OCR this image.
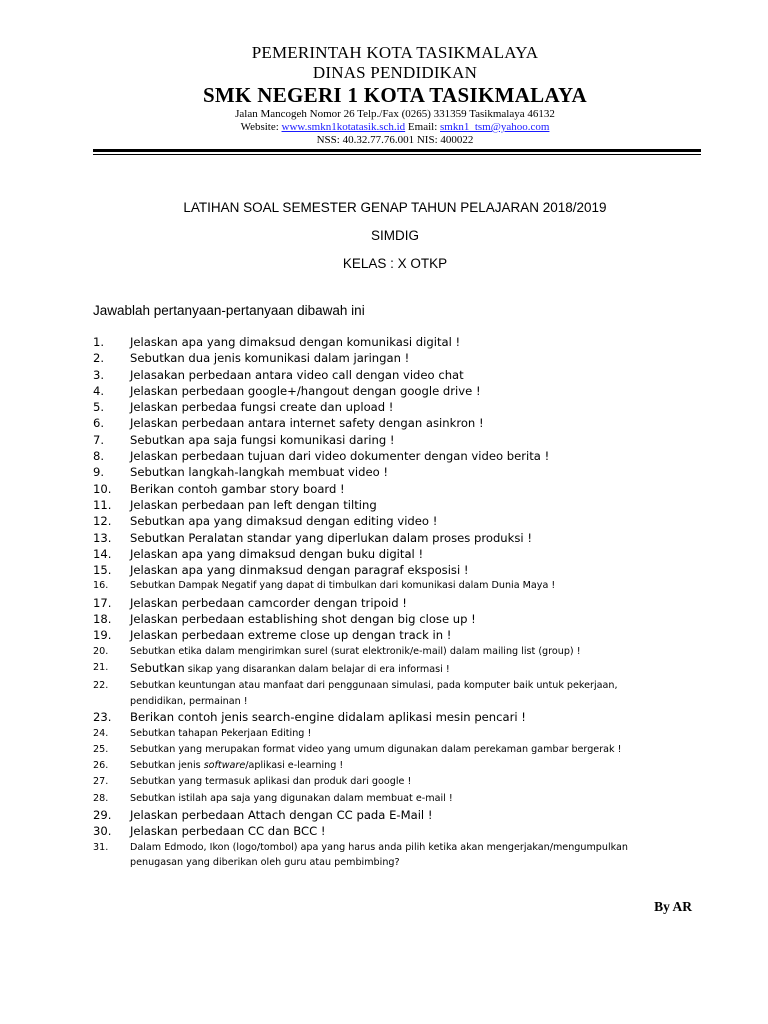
PEMERINTAH KOTA TASIKMALAYA
DINAS PENDIDIKAN
SMK NEGERI 1 KOTA TASIKMALAYA
Jalan Mancogeh Nomor 26 Telp./Fax (0265) 331359 Tasikmalaya 46132
Website: www.smkn1kotatasik.sch.id Email: smkn1_tsm@yahoo.com
NSS: 40.32.77.76.001 NIS: 400022
LATIHAN SOAL SEMESTER GENAP TAHUN PELAJARAN 2018/2019
SIMDIG
KELAS : X OTKP
Jawablah pertanyaan-pertanyaan dibawah ini
1. Jelaskan apa yang dimaksud dengan komunikasi digital !
2. Sebutkan dua jenis komunikasi dalam jaringan !
3. Jelasakan perbedaan antara video call dengan video chat
4. Jelaskan perbedaan google+/hangout dengan google drive !
5. Jelaskan perbedaa fungsi create dan upload !
6. Jelaskan perbedaan antara internet safety dengan asinkron !
7. Sebutkan apa saja fungsi komunikasi daring !
8. Jelaskan perbedaan tujuan dari video dokumenter dengan video berita !
9. Sebutkan langkah-langkah membuat video !
10. Berikan contoh gambar story board !
11. Jelaskan perbedaan pan left dengan tilting
12. Sebutkan apa yang dimaksud dengan editing video !
13. Sebutkan Peralatan standar yang diperlukan dalam proses produksi !
14. Jelaskan apa yang dimaksud dengan buku digital !
15. Jelaskan apa yang dinmaksud dengan paragraf eksposisi !
16. Sebutkan Dampak Negatif yang dapat di timbulkan dari komunikasi dalam Dunia Maya !
17. Jelaskan perbedaan camcorder dengan tripoid !
18. Jelaskan perbedaan establishing shot dengan big close up !
19. Jelaskan perbedaan extreme close up dengan track in !
20. Sebutkan etika dalam mengirimkan surel (surat elektronik/e-mail) dalam mailing list (group) !
21. Sebutkan sikap yang disarankan dalam belajar di era informasi !
22. Sebutkan keuntungan atau manfaat dari penggunaan simulasi, pada komputer baik untuk pekerjaan,
pendidikan, permainan !
23. Berikan contoh jenis search-engine didalam aplikasi mesin pencari !
24. Sebutkan tahapan Pekerjaan Editing !
25. Sebutkan yang merupakan format video yang umum digunakan dalam perekaman gambar bergerak !
26. Sebutkan jenis software/aplikasi e-learning !
27. Sebutkan yang termasuk aplikasi dan produk dari google !
28. Sebutkan istilah apa saja yang digunakan dalam membuat e-mail !
29. Jelaskan perbedaan Attach dengan CC pada E-Mail !
30. Jelaskan perbedaan CC dan BCC !
31. Dalam Edmodo, Ikon (logo/tombol) apa yang harus anda pilih ketika akan mengerjakan/mengumpulkan
penugasan yang diberikan oleh guru atau pembimbing?
By AR
